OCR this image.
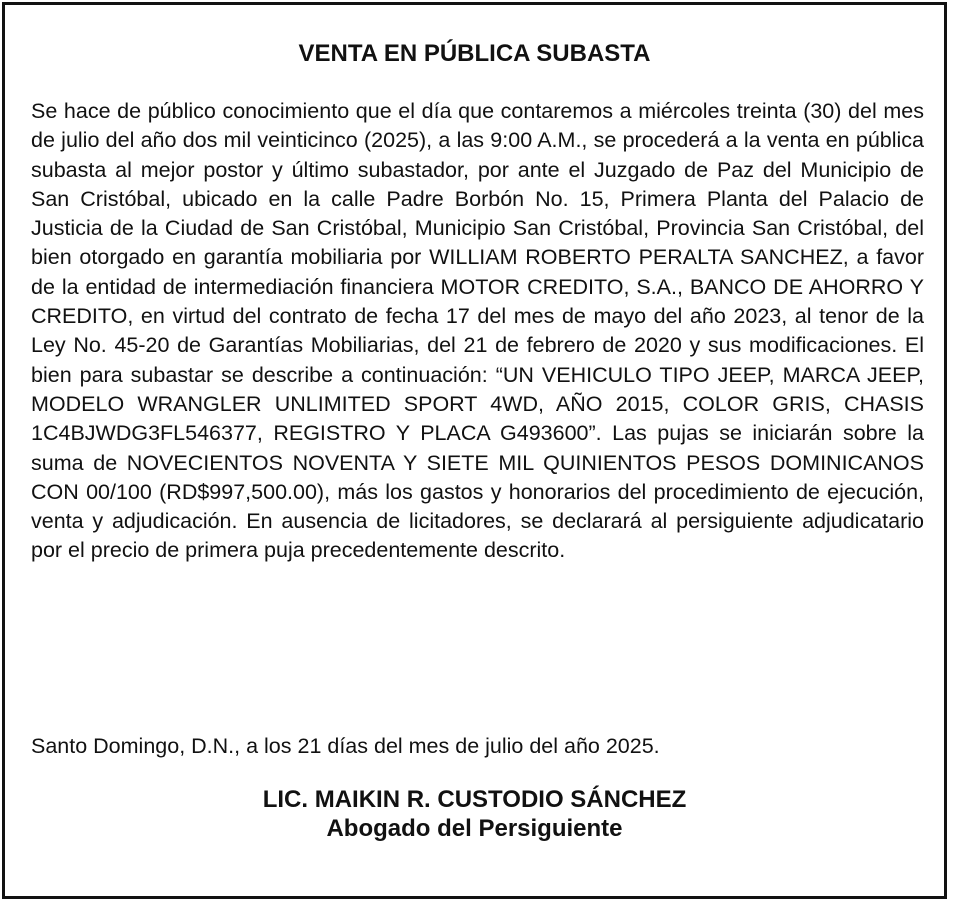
VENTA EN PÚBLICA SUBASTA

Se hace de público conocimiento que el día que contaremos a miércoles treinta (30) del mes de julio del año dos mil veinticinco (2025), a las 9:00 A.M., se procederá a la venta en pública subasta al mejor postor y último subastador, por ante el Juzgado de Paz del Municipio de San Cristóbal, ubicado en la calle Padre Borbón No. 15, Primera Planta del Palacio de Justicia de la Ciudad de San Cristóbal, Municipio San Cristóbal, Provincia San Cristóbal, del bien otorgado en garantía mobiliaria por WILLIAM ROBERTO PERALTA SANCHEZ, a favor de la entidad de intermediación financiera MOTOR CREDITO, S.A., BANCO DE AHORRO Y CREDITO, en virtud del contrato de fecha 17 del mes de mayo del año 2023, al tenor de la Ley No. 45-20 de Garantías Mobiliarias, del 21 de febrero de 2020 y sus modificaciones. El bien para subastar se describe a continuación: “UN VEHICULO TIPO JEEP, MARCA JEEP, MODELO WRANGLER UNLIMITED SPORT 4WD, AÑO 2015, COLOR GRIS, CHASIS 1C4BJWDG3FL546377, REGISTRO Y PLACA G493600”. Las pujas se iniciarán sobre la suma de NOVECIENTOS NOVENTA Y SIETE MIL QUINIENTOS PESOS DOMINICANOS CON 00/100 (RD$997,500.00), más los gastos y honorarios del procedimiento de ejecución, venta y adjudicación. En ausencia de licitadores, se declarará al persiguiente adjudicatario por el precio de primera puja precedentemente descrito.

Santo Domingo, D.N., a los 21 días del mes de julio del año 2025.

LIC. MAIKIN R. CUSTODIO SÁNCHEZ
Abogado del Persiguiente
